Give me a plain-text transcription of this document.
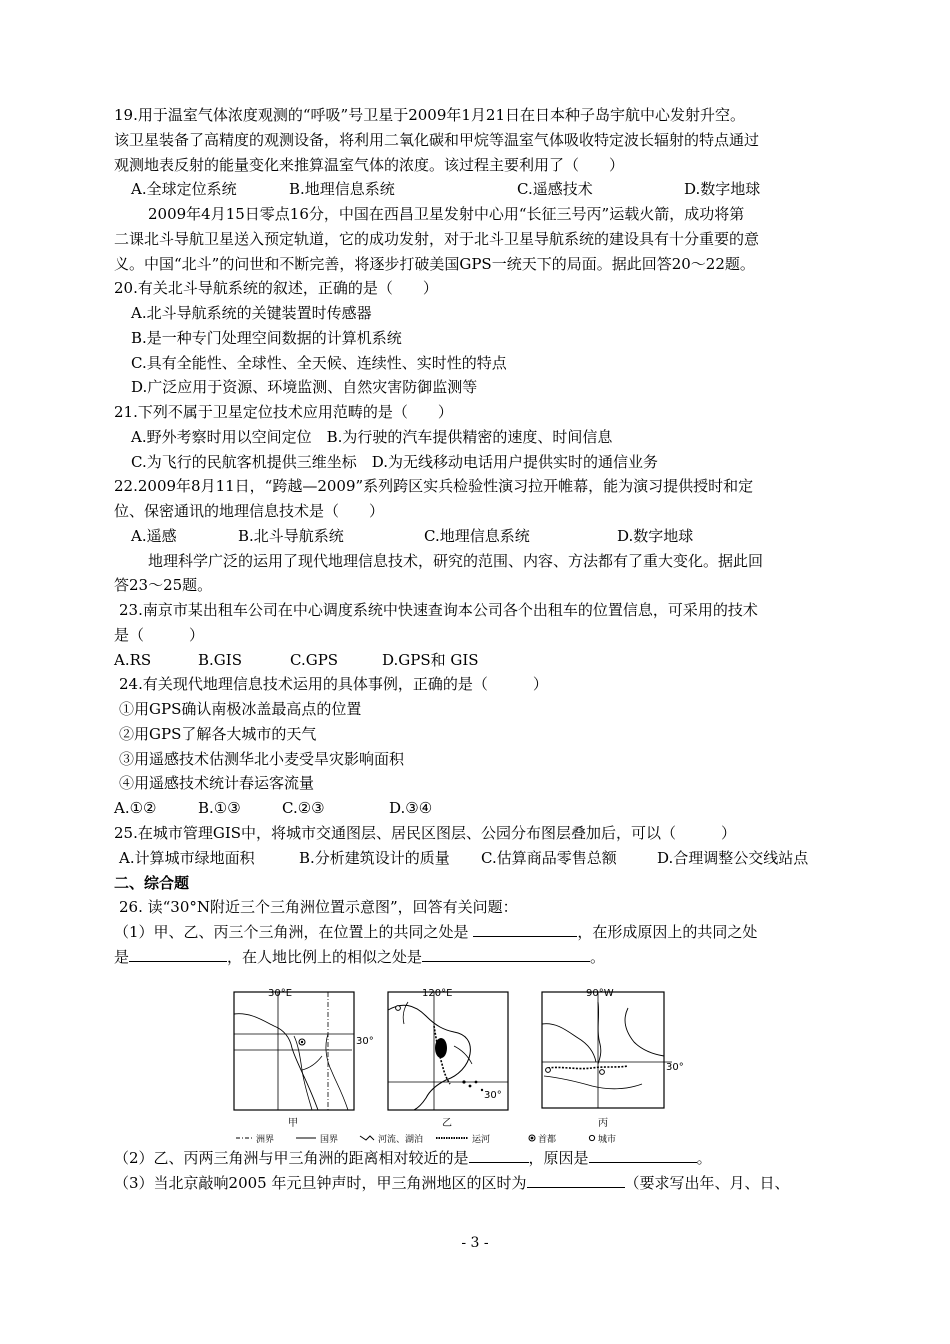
19.用于温室气体浓度观测的“呼吸”号卫星于2009年1月21日在日本种子岛宇航中心发射升空。
该卫星装备了高精度的观测设备，将利用二氧化碳和甲烷等温室气体吸收特定波长辐射的特点通过
观测地表反射的能量变化来推算温室气体的浓度。该过程主要利用了（　　）
A.全球定位系统	B.地理信息系统	C.遥感技术	D.数字地球
2009年4月15日零点16分，中国在西昌卫星发射中心用“长征三号丙”运载火箭，成功将第
二课北斗导航卫星送入预定轨道，它的成功发射，对于北斗卫星导航系统的建设具有十分重要的意
义。中国“北斗”的问世和不断完善，将逐步打破美国GPS一统天下的局面。据此回答20～22题。
20.有关北斗导航系统的叙述，正确的是（　　）
A.北斗导航系统的关键装置时传感器
B.是一种专门处理空间数据的计算机系统
C.具有全能性、全球性、全天候、连续性、实时性的特点
D.广泛应用于资源、环境监测、自然灾害防御监测等
21.下列不属于卫星定位技术应用范畴的是（　　）
A.野外考察时用以空间定位　B.为行驶的汽车提供精密的速度、时间信息
C.为飞行的民航客机提供三维坐标　D.为无线移动电话用户提供实时的通信业务
22.2009年8月11日，“跨越—2009”系列跨区实兵检验性演习拉开帷幕，能为演习提供授时和定
位、保密通讯的地理信息技术是（　　）
A.遥感	B.北斗导航系统	C.地理信息系统	D.数字地球
地理科学广泛的运用了现代地理信息技术，研究的范围、内容、方法都有了重大变化。据此回
答23～25题。
23.南京市某出租车公司在中心调度系统中快速查询本公司各个出租车的位置信息，可采用的技术
是（　　　）
A.RS	B.GIS	C.GPS	D.GPS和 GIS
24.有关现代地理信息技术运用的具体事例，正确的是（　　　）
①用GPS确认南极冰盖最高点的位置
②用GPS了解各大城市的天气
③用遥感技术估测华北小麦受旱灾影响面积
④用遥感技术统计春运客流量
A.①②	B.①③	C.②③	D.③④
25.在城市管理GIS中，将城市交通图层、居民区图层、公园分布图层叠加后，可以（　　　）
A.计算城市绿地面积	B.分析建筑设计的质量 C.估算商品零售总额	D.合理调整公交线站点
二、综合题
26. 读“30°N附近三个三角洲位置示意图”，回答有关问题：
（1）甲、乙、丙三个三角洲，在位置上的共同之处是	，在形成原因上的共同之处
是	，在人地比例上的相似之处是	。
30°E
30°
甲
120°E
30°
乙
90°W
30°
丙
洲界	国界	河流、湖泊	运河	首都	城市
（2）乙、丙两三角洲与甲三角洲的距离相对较近的是	，原因是	。
（3）当北京敲响2005 年元旦钟声时，甲三角洲地区的区时为	（要求写出年、月、日、
- 3 -
